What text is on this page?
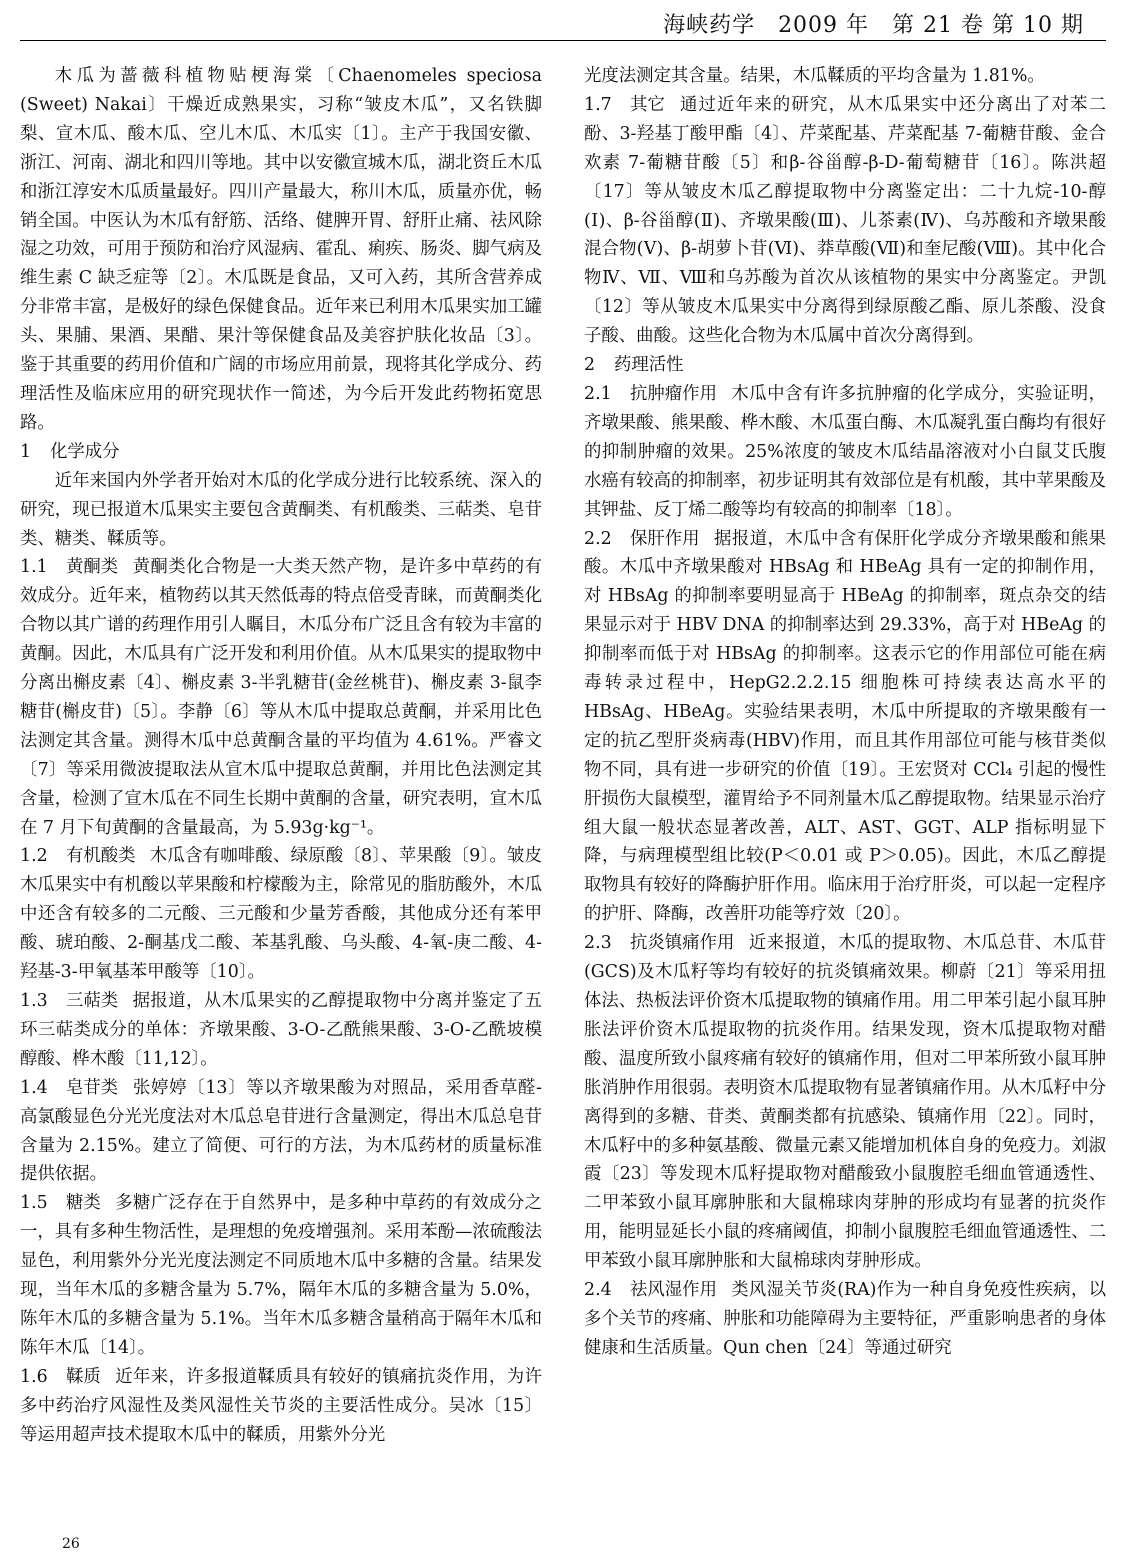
海峡药学　2009 年　第 21 卷 第 10 期

木瓜为蔷薇科植物贴梗海棠〔Chaenomeles speciosa (Sweet) Nakai〕干燥近成熟果实，习称“皱皮木瓜”，又名铁脚梨、宣木瓜、酸木瓜、空儿木瓜、木瓜实〔1〕。主产于我国安徽、浙江、河南、湖北和四川等地。其中以安徽宣城木瓜，湖北资丘木瓜和浙江淳安木瓜质量最好。四川产量最大，称川木瓜，质量亦优，畅销全国。中医认为木瓜有舒筋、活络、健脾开胃、舒肝止痛、祛风除湿之功效，可用于预防和治疗风湿病、霍乱、痢疾、肠炎、脚气病及维生素 C 缺乏症等〔2〕。木瓜既是食品，又可入药，其所含营养成分非常丰富，是极好的绿色保健食品。近年来已利用木瓜果实加工罐头、果脯、果酒、果醋、果汁等保健食品及美容护肤化妆品〔3〕。鉴于其重要的药用价值和广阔的市场应用前景，现将其化学成分、药理活性及临床应用的研究现状作一简述，为今后开发此药物拓宽思路。

1 化学成分

近年来国内外学者开始对木瓜的化学成分进行比较系统、深入的研究，现已报道木瓜果实主要包含黄酮类、有机酸类、三萜类、皂苷类、糖类、鞣质等。

1.1 黄酮类 黄酮类化合物是一大类天然产物，是许多中草药的有效成分。近年来，植物药以其天然低毒的特点倍受青睐，而黄酮类化合物以其广谱的药理作用引人瞩目，木瓜分布广泛且含有较为丰富的黄酮。因此，木瓜具有广泛开发和利用价值。从木瓜果实的提取物中分离出槲皮素〔4〕、槲皮素 3-半乳糖苷(金丝桃苷)、槲皮素 3-鼠李糖苷(槲皮苷)〔5〕。李静〔6〕等从木瓜中提取总黄酮，并采用比色法测定其含量。测得木瓜中总黄酮含量的平均值为 4.61%。严睿文〔7〕等采用微波提取法从宣木瓜中提取总黄酮，并用比色法测定其含量，检测了宣木瓜在不同生长期中黄酮的含量，研究表明，宣木瓜在 7 月下旬黄酮的含量最高，为 5.93g·kg⁻¹。

1.2 有机酸类 木瓜含有咖啡酸、绿原酸〔8〕、苹果酸〔9〕。皱皮木瓜果实中有机酸以苹果酸和柠檬酸为主，除常见的脂肪酸外，木瓜中还含有较多的二元酸、三元酸和少量芳香酸，其他成分还有苯甲酸、琥珀酸、2-酮基戊二酸、苯基乳酸、乌头酸、4-氧-庚二酸、4-羟基-3-甲氧基苯甲酸等〔10〕。

1.3 三萜类 据报道，从木瓜果实的乙醇提取物中分离并鉴定了五环三萜类成分的单体：齐墩果酸、3-O-乙酰熊果酸、3-O-乙酰坡模醇酸、桦木酸〔11,12〕。

1.4 皂苷类 张婷婷〔13〕等以齐墩果酸为对照品，采用香草醛-高氯酸显色分光光度法对木瓜总皂苷进行含量测定，得出木瓜总皂苷含量为 2.15%。建立了简便、可行的方法，为木瓜药材的质量标准提供依据。

1.5 糖类 多糖广泛存在于自然界中，是多种中草药的有效成分之一，具有多种生物活性，是理想的免疫增强剂。采用苯酚—浓硫酸法显色，利用紫外分光光度法测定不同质地木瓜中多糖的含量。结果发现，当年木瓜的多糖含量为 5.7%，隔年木瓜的多糖含量为 5.0%，陈年木瓜的多糖含量为 5.1%。当年木瓜多糖含量稍高于隔年木瓜和陈年木瓜〔14〕。

1.6 鞣质 近年来，许多报道鞣质具有较好的镇痛抗炎作用，为许多中药治疗风湿性及类风湿性关节炎的主要活性成分。吴冰〔15〕等运用超声技术提取木瓜中的鞣质，用紫外分光

光度法测定其含量。结果，木瓜鞣质的平均含量为 1.81%。

1.7 其它 通过近年来的研究，从木瓜果实中还分离出了对苯二酚、3-羟基丁酸甲酯〔4〕、芹菜配基、芹菜配基 7-葡糖苷酸、金合欢素 7-葡糖苷酸〔5〕和β-谷甾醇-β-D-葡萄糖苷〔16〕。陈洪超〔17〕等从皱皮木瓜乙醇提取物中分离鉴定出：二十九烷-10-醇(Ⅰ)、β-谷甾醇(Ⅱ)、齐墩果酸(Ⅲ)、儿茶素(Ⅳ)、乌苏酸和齐墩果酸混合物(Ⅴ)、β-胡萝卜苷(Ⅵ)、莽草酸(Ⅶ)和奎尼酸(Ⅷ)。其中化合物Ⅳ、Ⅶ、Ⅷ和乌苏酸为首次从该植物的果实中分离鉴定。尹凯〔12〕等从皱皮木瓜果实中分离得到绿原酸乙酯、原儿茶酸、没食子酸、曲酸。这些化合物为木瓜属中首次分离得到。

2 药理活性

2.1 抗肿瘤作用 木瓜中含有许多抗肿瘤的化学成分，实验证明，齐墩果酸、熊果酸、桦木酸、木瓜蛋白酶、木瓜凝乳蛋白酶均有很好的抑制肿瘤的效果。25%浓度的皱皮木瓜结晶溶液对小白鼠艾氏腹水癌有较高的抑制率，初步证明其有效部位是有机酸，其中苹果酸及其钾盐、反丁烯二酸等均有较高的抑制率〔18〕。

2.2 保肝作用 据报道，木瓜中含有保肝化学成分齐墩果酸和熊果酸。木瓜中齐墩果酸对 HBsAg 和 HBeAg 具有一定的抑制作用，对 HBsAg 的抑制率要明显高于 HBeAg 的抑制率，斑点杂交的结果显示对于 HBV DNA 的抑制率达到 29.33%，高于对 HBeAg 的抑制率而低于对 HBsAg 的抑制率。这表示它的作用部位可能在病毒转录过程中，HepG2.2.2.15 细胞株可持续表达高水平的 HBsAg、HBeAg。实验结果表明，木瓜中所提取的齐墩果酸有一定的抗乙型肝炎病毒(HBV)作用，而且其作用部位可能与核苷类似物不同，具有进一步研究的价值〔19〕。王宏贤对 CCl₄ 引起的慢性肝损伤大鼠模型，灌胃给予不同剂量木瓜乙醇提取物。结果显示治疗组大鼠一般状态显著改善，ALT、AST、GGT、ALP 指标明显下降，与病理模型组比较(P＜0.01 或 P＞0.05)。因此，木瓜乙醇提取物具有较好的降酶护肝作用。临床用于治疗肝炎，可以起一定程序的护肝、降酶，改善肝功能等疗效〔20〕。

2.3 抗炎镇痛作用 近来报道，木瓜的提取物、木瓜总苷、木瓜苷(GCS)及木瓜籽等均有较好的抗炎镇痛效果。柳蔚〔21〕等采用扭体法、热板法评价资木瓜提取物的镇痛作用。用二甲苯引起小鼠耳肿胀法评价资木瓜提取物的抗炎作用。结果发现，资木瓜提取物对醋酸、温度所致小鼠疼痛有较好的镇痛作用，但对二甲苯所致小鼠耳肿胀消肿作用很弱。表明资木瓜提取物有显著镇痛作用。从木瓜籽中分离得到的多糖、苷类、黄酮类都有抗感染、镇痛作用〔22〕。同时，木瓜籽中的多种氨基酸、微量元素又能增加机体自身的免疫力。刘淑霞〔23〕等发现木瓜籽提取物对醋酸致小鼠腹腔毛细血管通透性、二甲苯致小鼠耳廓肿胀和大鼠棉球肉芽肿的形成均有显著的抗炎作用，能明显延长小鼠的疼痛阈值，抑制小鼠腹腔毛细血管通透性、二甲苯致小鼠耳廓肿胀和大鼠棉球肉芽肿形成。

2.4 祛风湿作用 类风湿关节炎(RA)作为一种自身免疫性疾病，以多个关节的疼痛、肿胀和功能障碍为主要特征，严重影响患者的身体健康和生活质量。Qun chen〔24〕等通过研究

26
